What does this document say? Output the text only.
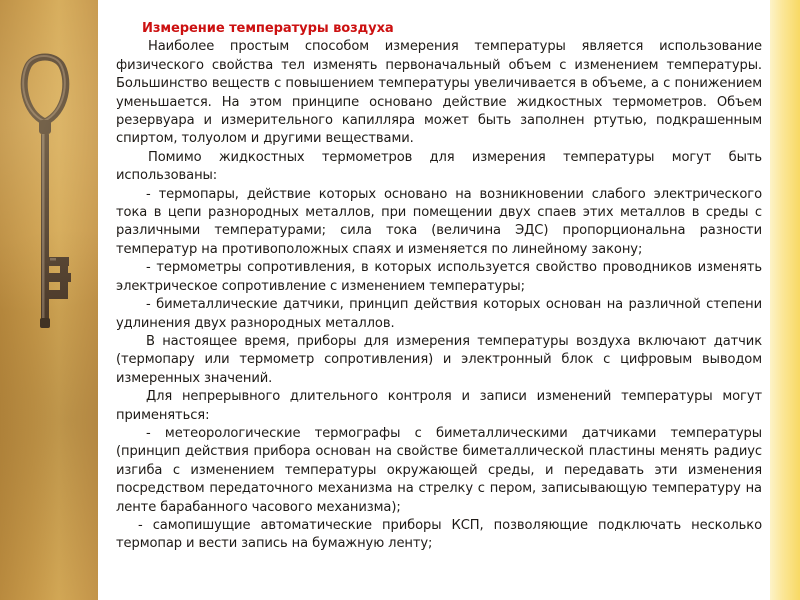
Измерение температуры воздуха

Наиболее простым способом измерения температуры является использование физического свойства тел изменять первоначальный объем с изменением температуры. Большинство веществ с повышением температуры увеличивается в объеме, а с понижением уменьшается. На этом принципе основано действие жидкостных термометров. Объем резервуара и измерительного капилляра может быть заполнен ртутью, подкрашенным спиртом, толуолом и другими веществами.

Помимо жидкостных термометров для измерения температуры могут быть использованы:

- термопары, действие которых основано на возникновении слабого электрического тока в цепи разнородных металлов, при помещении двух спаев этих металлов в среды с различными температурами; сила тока (величина ЭДС) пропорциональна разности температур на противоположных спаях и изменяется по линейному закону;

- термометры сопротивления, в которых используется свойство проводников изменять электрическое сопротивление с изменением температуры;

- биметаллические датчики, принцип действия которых основан на различной степени удлинения двух разнородных металлов.

В настоящее время, приборы для измерения температуры воздуха включают датчик (термопару или термометр сопротивления) и электронный блок с цифровым выводом измеренных значений.

Для непрерывного длительного контроля и записи изменений температуры могут применяться:

- метеорологические термографы с биметаллическими датчиками температуры (принцип действия прибора основан на свойстве биметаллической пластины менять радиус изгиба с изменением температуры окружающей среды, и передавать эти изменения посредством передаточного механизма на стрелку с пером, записывающую температуру на ленте барабанного часового механизма);

- самопишущие автоматические приборы КСП, позволяющие подключать несколько термопар и вести запись на бумажную ленту;
